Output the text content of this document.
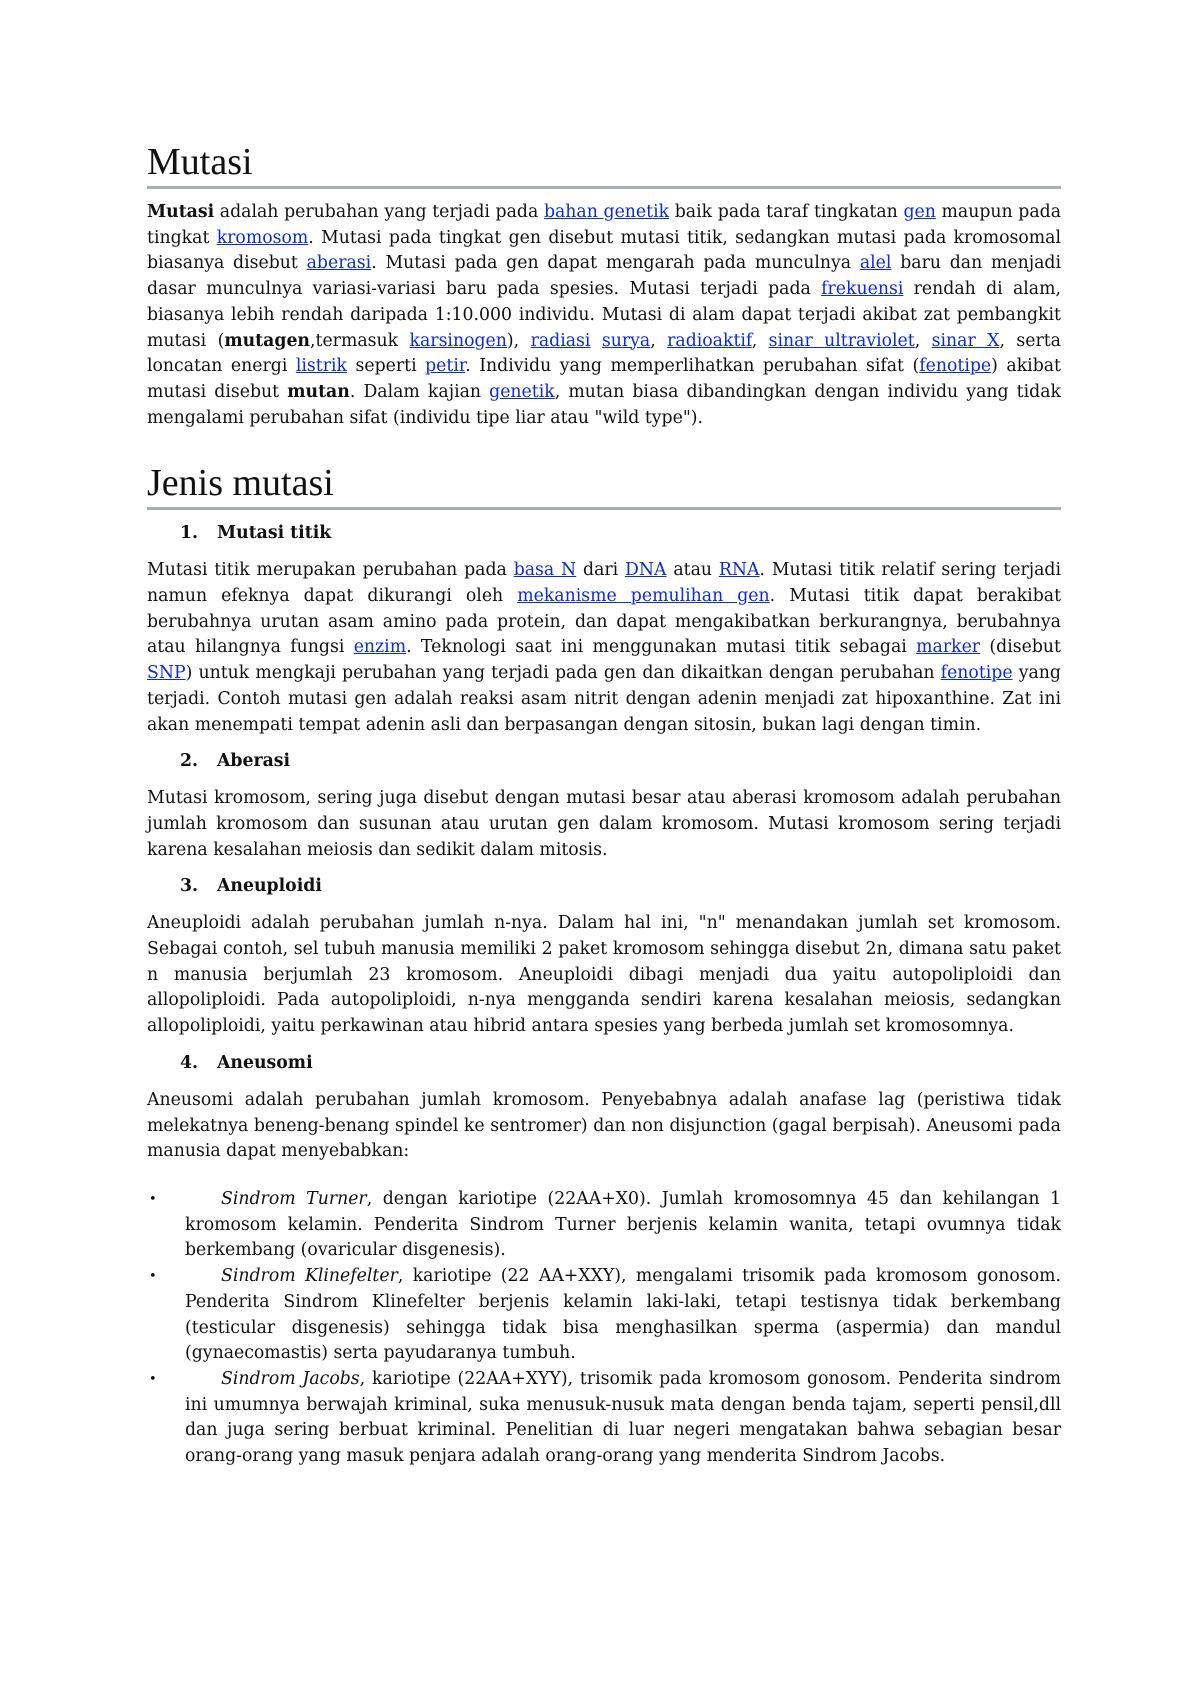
Mutasi

Mutasi adalah perubahan yang terjadi pada bahan genetik baik pada taraf tingkatan gen maupun pada tingkat kromosom. Mutasi pada tingkat gen disebut mutasi titik, sedangkan mutasi pada kromosomal biasanya disebut aberasi. Mutasi pada gen dapat mengarah pada munculnya alel baru dan menjadi dasar munculnya variasi-variasi baru pada spesies. Mutasi terjadi pada frekuensi rendah di alam, biasanya lebih rendah daripada 1:10.000 individu. Mutasi di alam dapat terjadi akibat zat pembangkit mutasi (mutagen,termasuk karsinogen), radiasi surya, radioaktif, sinar ultraviolet, sinar X, serta loncatan energi listrik seperti petir. Individu yang memperlihatkan perubahan sifat (fenotipe) akibat mutasi disebut mutan. Dalam kajian genetik, mutan biasa dibandingkan dengan individu yang tidak mengalami perubahan sifat (individu tipe liar atau "wild type").

Jenis mutasi
1. Mutasi titik

Mutasi titik merupakan perubahan pada basa N dari DNA atau RNA. Mutasi titik relatif sering terjadi namun efeknya dapat dikurangi oleh mekanisme pemulihan gen. Mutasi titik dapat berakibat berubahnya urutan asam amino pada protein, dan dapat mengakibatkan berkurangnya, berubahnya atau hilangnya fungsi enzim. Teknologi saat ini menggunakan mutasi titik sebagai marker (disebut SNP) untuk mengkaji perubahan yang terjadi pada gen dan dikaitkan dengan perubahan fenotipe yang terjadi. Contoh mutasi gen adalah reaksi asam nitrit dengan adenin menjadi zat hipoxanthine. Zat ini akan menempati tempat adenin asli dan berpasangan dengan sitosin, bukan lagi dengan timin.

2. Aberasi

Mutasi kromosom, sering juga disebut dengan mutasi besar atau aberasi kromosom adalah perubahan jumlah kromosom dan susunan atau urutan gen dalam kromosom. Mutasi kromosom sering terjadi karena kesalahan meiosis dan sedikit dalam mitosis.

3. Aneuploidi

Aneuploidi adalah perubahan jumlah n-nya. Dalam hal ini, "n" menandakan jumlah set kromosom. Sebagai contoh, sel tubuh manusia memiliki 2 paket kromosom sehingga disebut 2n, dimana satu paket n manusia berjumlah 23 kromosom. Aneuploidi dibagi menjadi dua yaitu autopoliploidi dan allopoliploidi. Pada autopoliploidi, n-nya mengganda sendiri karena kesalahan meiosis, sedangkan allopoliploidi, yaitu perkawinan atau hibrid antara spesies yang berbeda jumlah set kromosomnya.

4. Aneusomi

Aneusomi adalah perubahan jumlah kromosom. Penyebabnya adalah anafase lag (peristiwa tidak melekatnya beneng-benang spindel ke sentromer) dan non disjunction (gagal berpisah). Aneusomi pada manusia dapat menyebabkan:

•	Sindrom Turner, dengan kariotipe (22AA+X0). Jumlah kromosomnya 45 dan kehilangan 1 kromosom kelamin. Penderita Sindrom Turner berjenis kelamin wanita, tetapi ovumnya tidak berkembang (ovaricular disgenesis).
•	Sindrom Klinefelter, kariotipe (22 AA+XXY), mengalami trisomik pada kromosom gonosom. Penderita Sindrom Klinefelter berjenis kelamin laki-laki, tetapi testisnya tidak berkembang (testicular disgenesis) sehingga tidak bisa menghasilkan sperma (aspermia) dan mandul (gynaecomastis) serta payudaranya tumbuh.
•	Sindrom Jacobs, kariotipe (22AA+XYY), trisomik pada kromosom gonosom. Penderita sindrom ini umumnya berwajah kriminal, suka menusuk-nusuk mata dengan benda tajam, seperti pensil,dll dan juga sering berbuat kriminal. Penelitian di luar negeri mengatakan bahwa sebagian besar orang-orang yang masuk penjara adalah orang-orang yang menderita Sindrom Jacobs.
